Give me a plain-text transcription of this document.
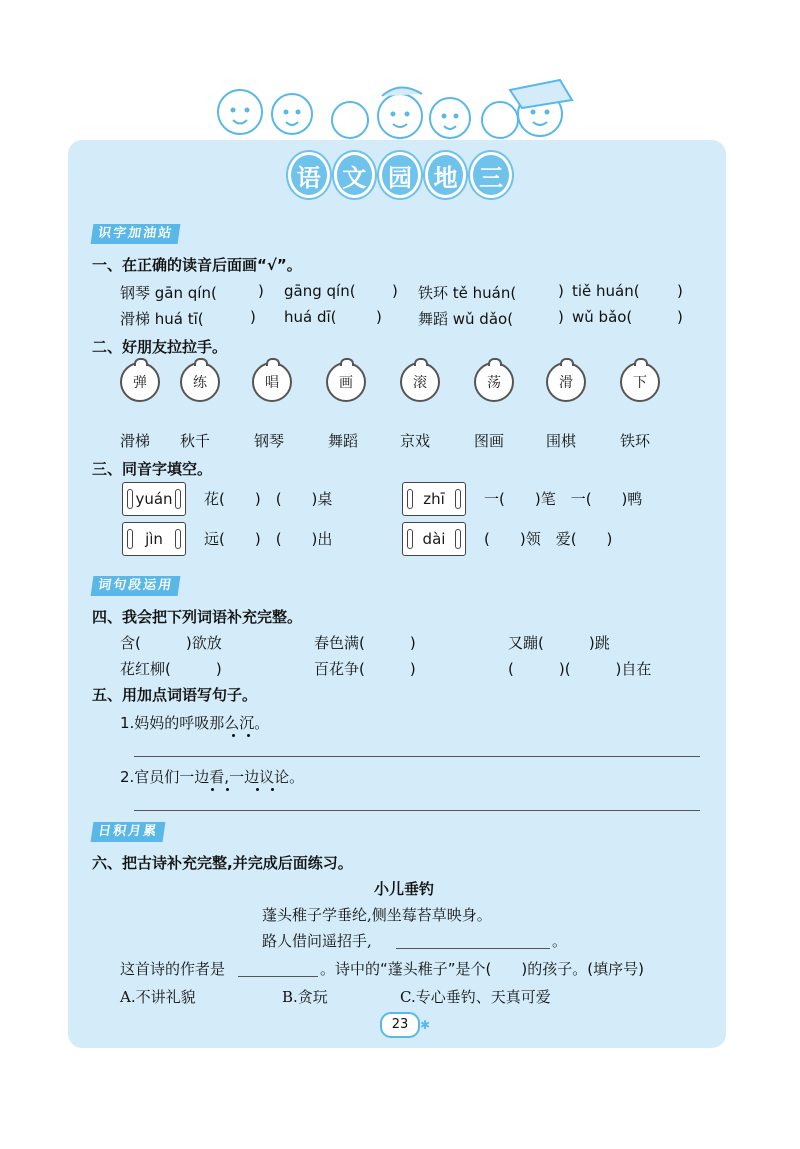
语 文 园 地 三
识字加油站
一、在正确的读音后面画“√”。
钢琴 gān qín(	) gāng qín( ) 铁环 tě huán(	) tiě huán( )
滑梯 huá tī(	) huá dī(	) 舞蹈 wǔ dǎo(	) wǔ bǎo(	)
二、好朋友拉拉手。
弹	练	唱	画	滚	荡	滑	下
滑梯 秋千	钢琴	舞蹈	京戏	图画	围棋	铁环
三、同音字填空。
yuán	花(　　)　(　　)桌	zhī	一(　　)笔　一(　　)鸭
jìn	远(　　)　(　　)出	dài	(　　)领　爱(　　)
词句段运用
四、我会把下列词语补充完整。
含(　　　)欲放	春色满(　　　)	又蹦(　　　)跳
花红柳(　　　)	百花争(　　　)	(　　　)(　　　)自在
五、用加点词语写句子。
1.妈妈的呼吸那么沉。
2.官员们一边看,一边议论。
日积月累
六、把古诗补充完整,并完成后面练习。
小儿垂钓
蓬头稚子学垂纶,侧坐莓苔草映身。
路人借问遥招手,	。
这首诗的作者是	。诗中的“蓬头稚子”是个(　　)的孩子。(填序号)
A.不讲礼貌	B.贪玩	C.专心垂钓、天真可爱
23 ✱
